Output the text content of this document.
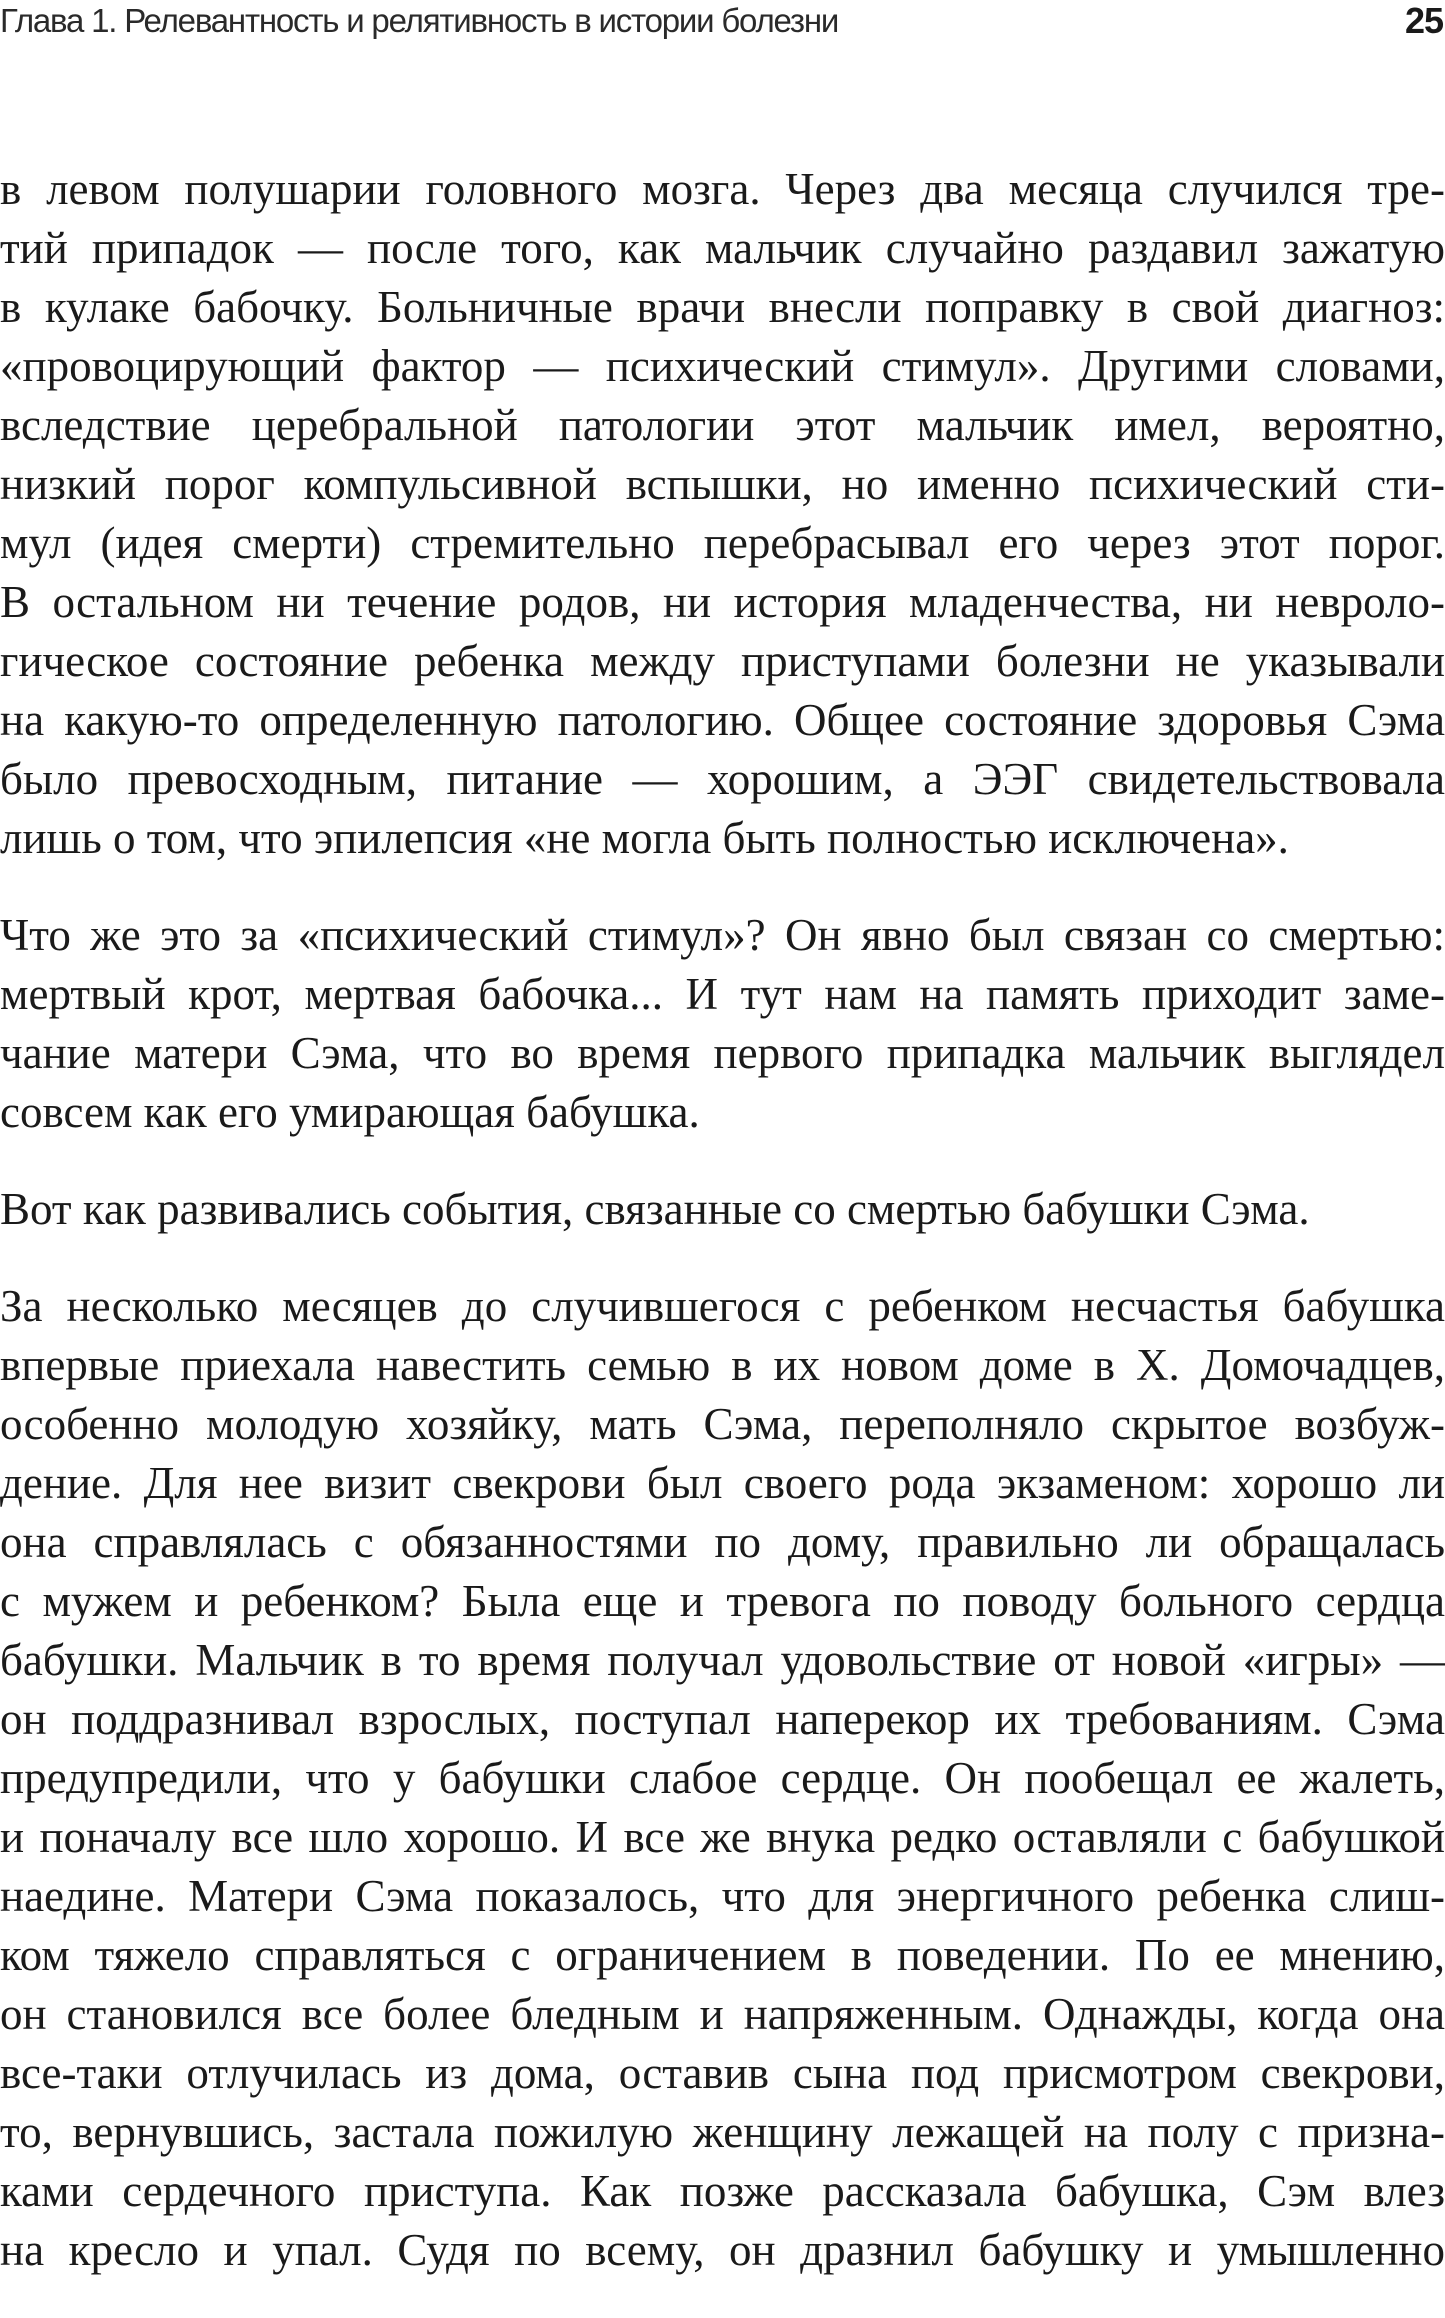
Глава 1. Релевантность и релятивность в истории болезни	25
в левом полушарии головного мозга. Через два месяца случился тре-
тий припадок — после того, как мальчик случайно раздавил зажатую
в кулаке бабочку. Больничные врачи внесли поправку в свой диагноз:
«провоцирующий фактор — психический стимул». Другими словами,
вследствие церебральной патологии этот мальчик имел, вероятно,
низкий порог компульсивной вспышки, но именно психический сти-
мул (идея смерти) стремительно перебрасывал его через этот порог.
В остальном ни течение родов, ни история младенчества, ни невроло-
гическое состояние ребенка между приступами болезни не указывали
на какую-то определенную патологию. Общее состояние здоровья Сэма
было превосходным, питание — хорошим, а ЭЭГ свидетельствовала
лишь о том, что эпилепсия «не могла быть полностью исключена».
Что же это за «психический стимул»? Он явно был связан со смертью:
мертвый крот, мертвая бабочка... И тут нам на память приходит заме-
чание матери Сэма, что во время первого припадка мальчик выглядел
совсем как его умирающая бабушка.
Вот как развивались события, связанные со смертью бабушки Сэма.
За несколько месяцев до случившегося с ребенком несчастья бабушка
впервые приехала навестить семью в их новом доме в Х. Домочадцев,
особенно молодую хозяйку, мать Сэма, переполняло скрытое возбуж-
дение. Для нее визит свекрови был своего рода экзаменом: хорошо ли
она справлялась с обязанностями по дому, правильно ли обращалась
с мужем и ребенком? Была еще и тревога по поводу больного сердца
бабушки. Мальчик в то время получал удовольствие от новой «игры» —
он поддразнивал взрослых, поступал наперекор их требованиям. Сэма
предупредили, что у бабушки слабое сердце. Он пообещал ее жалеть,
и поначалу все шло хорошо. И все же внука редко оставляли с бабушкой
наедине. Матери Сэма показалось, что для энергичного ребенка слиш-
ком тяжело справляться с ограничением в поведении. По ее мнению,
он становился все более бледным и напряженным. Однажды, когда она
все-таки отлучилась из дома, оставив сына под присмотром свекрови,
то, вернувшись, застала пожилую женщину лежащей на полу с призна-
ками сердечного приступа. Как позже рассказала бабушка, Сэм влез
на кресло и упал. Судя по всему, он дразнил бабушку и умышленно
